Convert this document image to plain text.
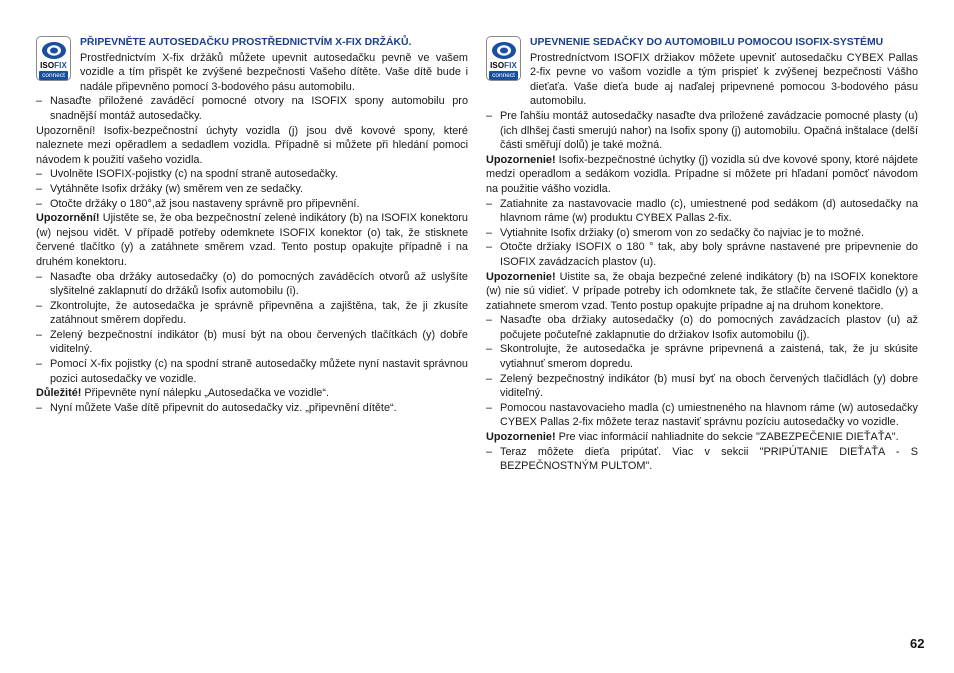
ISOFIX
connect
PŘIPEVNĚTE AUTOSEDAČKU PROSTŘEDNICTVÍM X-FIX DRŽÁKŮ.

Prostřednictvím X-fix držáků můžete upevnit autosedačku pevně ve vašem vozidle a tím přispět ke zvýšené bezpečnosti Vašeho dítěte. Vaše dítě bude i nadále připevněno pomocí 3-bodového pásu automobilu.

– Nasaďte přiložené zaváděcí pomocné otvory na ISOFIX spony automobilu pro snadnější montáž autosedačky.

Upozornění! Isofix-bezpečnostní úchyty vozidla (j) jsou dvě kovové spony, které naleznete mezi opěradlem a sedadlem vozidla. Případně si můžete při hledání pomoci návodem k použití vašeho vozidla.

– Uvolněte ISOFIX-pojistky (c) na spodní straně autosedačky.

– Vytáhněte Isofix držáky (w) směrem ven ze sedačky.

– Otočte držáky o 180°,až jsou nastaveny správně pro připevnění.

Upozornění! Ujistěte se, že oba bezpečnostní zelené indikátory (b) na ISOFIX konektoru (w) nejsou vidět. V případě potřeby odemknete ISOFIX konektor (o) tak, že stisknete červené tlačítko (y) a zatáhnete směrem vzad. Tento postup opakujte případně i na druhém konektoru.

– Nasaďte oba držáky autosedačky (o) do pomocných zaváděcích otvorů až uslyšíte slyšitelné zaklapnutí do držáků Isofix automobilu (i).

– Zkontrolujte, že autosedačka je správně připevněna a zajištěna, tak, že ji zkusíte zatáhnout směrem dopředu.

– Zelený bezpečnostní indikátor (b) musí být na obou červených tlačítkách (y) dobře viditelný.

– Pomocí X-fix pojistky (c) na spodní straně autosedačky můžete nyní nastavit správnou pozici autosedačky ve vozidle.

Důležité! Připevněte nyní nálepku „Autosedačka ve vozidle“.

– Nyní můžete Vaše dítě připevnit do autosedačky viz. „připevnění dítěte“.

ISOFIX
connect
UPEVNENIE SEDAČKY DO AUTOMOBILU POMOCOU ISOFIX-SYSTÉMU

Prostredníctvom ISOFIX držiakov môžete upevniť autosedačku CYBEX Pallas 2-fix pevne vo vašom vozidle a tým prispieť k zvýšenej bezpečnosti Vášho dieťaťa. Vaše dieťa bude aj naďalej pripevnené pomocou 3-bodového pásu automobilu.

– Pre ľahšiu montáž autosedačky nasaďte dva priložené zavádzacie pomocné plasty (u) (ich dlhšej časti smerujú nahor) na Isofix spony (j) automobilu. Opačná inštalace (delší části směřují dolů) je také možná.

Upozornenie! Isofix-bezpečnostné úchytky (j) vozidla sú dve kovové spony, ktoré nájdete medzi operadlom a sedákom vozidla. Prípadne si môžete pri hľadaní pomôcť návodom na použitie vášho vozidla.

– Zatiahnite za nastavovacie madlo (c), umiestnené pod sedákom (d) autosedačky na hlavnom ráme (w) produktu CYBEX Pallas 2-fix.

– Vytiahnite Isofix držiaky (o) smerom von zo sedačky čo najviac je to možné.

– Otočte držiaky ISOFIX o 180 ° tak, aby boly správne nastavené pre pripevnenie do ISOFIX zavádzacích plastov (u).

Upozornenie! Uistite sa, že obaja bezpečné zelené indikátory (b) na ISOFIX konektore (w) nie sú vidieť. V prípade potreby ich odomknete tak, že stlačíte červené tlačidlo (y) a zatiahnete smerom vzad. Tento postup opakujte prípadne aj na druhom konektore.

– Nasaďte oba držiaky autosedačky (o) do pomocných zavádzacích plastov (u) až počujete počuteľné zaklapnutie do držiakov Isofix automobilu (j).

– Skontrolujte, že autosedačka je správne pripevnená a zaistená, tak, že ju skúsite vytiahnuť smerom dopredu.

– Zelený bezpečnostný indikátor (b) musí byť na oboch červených tlačidlách (y) dobre viditeľný.

– Pomocou nastavovacieho madla (c) umiestneného na hlavnom ráme (w) autosedačky CYBEX Pallas 2-fix môžete teraz nastaviť správnu pozíciu autosedačky vo vozidle.

Upozornenie! Pre viac informácií nahliadnite do sekcie "ZABEZPEČENIE DIEŤAŤA".

– Teraz môžete dieťa pripútať. Viac v sekcii "PRIPÚTANIE DIEŤAŤA - S BEZPEČNOSTNÝM PULTOM".

62
